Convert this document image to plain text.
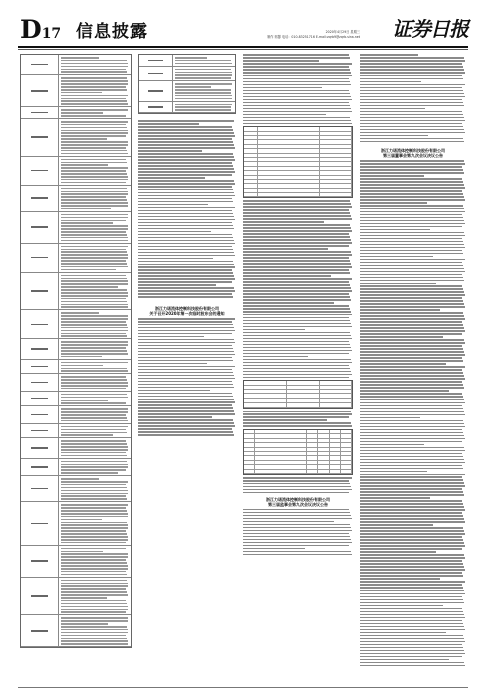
D17 信息披露	2020年4月29日 星期三
制作 郭馨 电话：010-83251716 E-mail:zqrb9@zqrb.sina.net 证券日报
浙江力诺流体控制科技股份有限公司
关于召开2020年第一次临时股东会的通知
浙江力诺流体控制科技股份有限公司
第三届监事会第九次会议决议公告
浙江力诺流体控制科技股份有限公司
第三届董事会第九次会议决议公告
